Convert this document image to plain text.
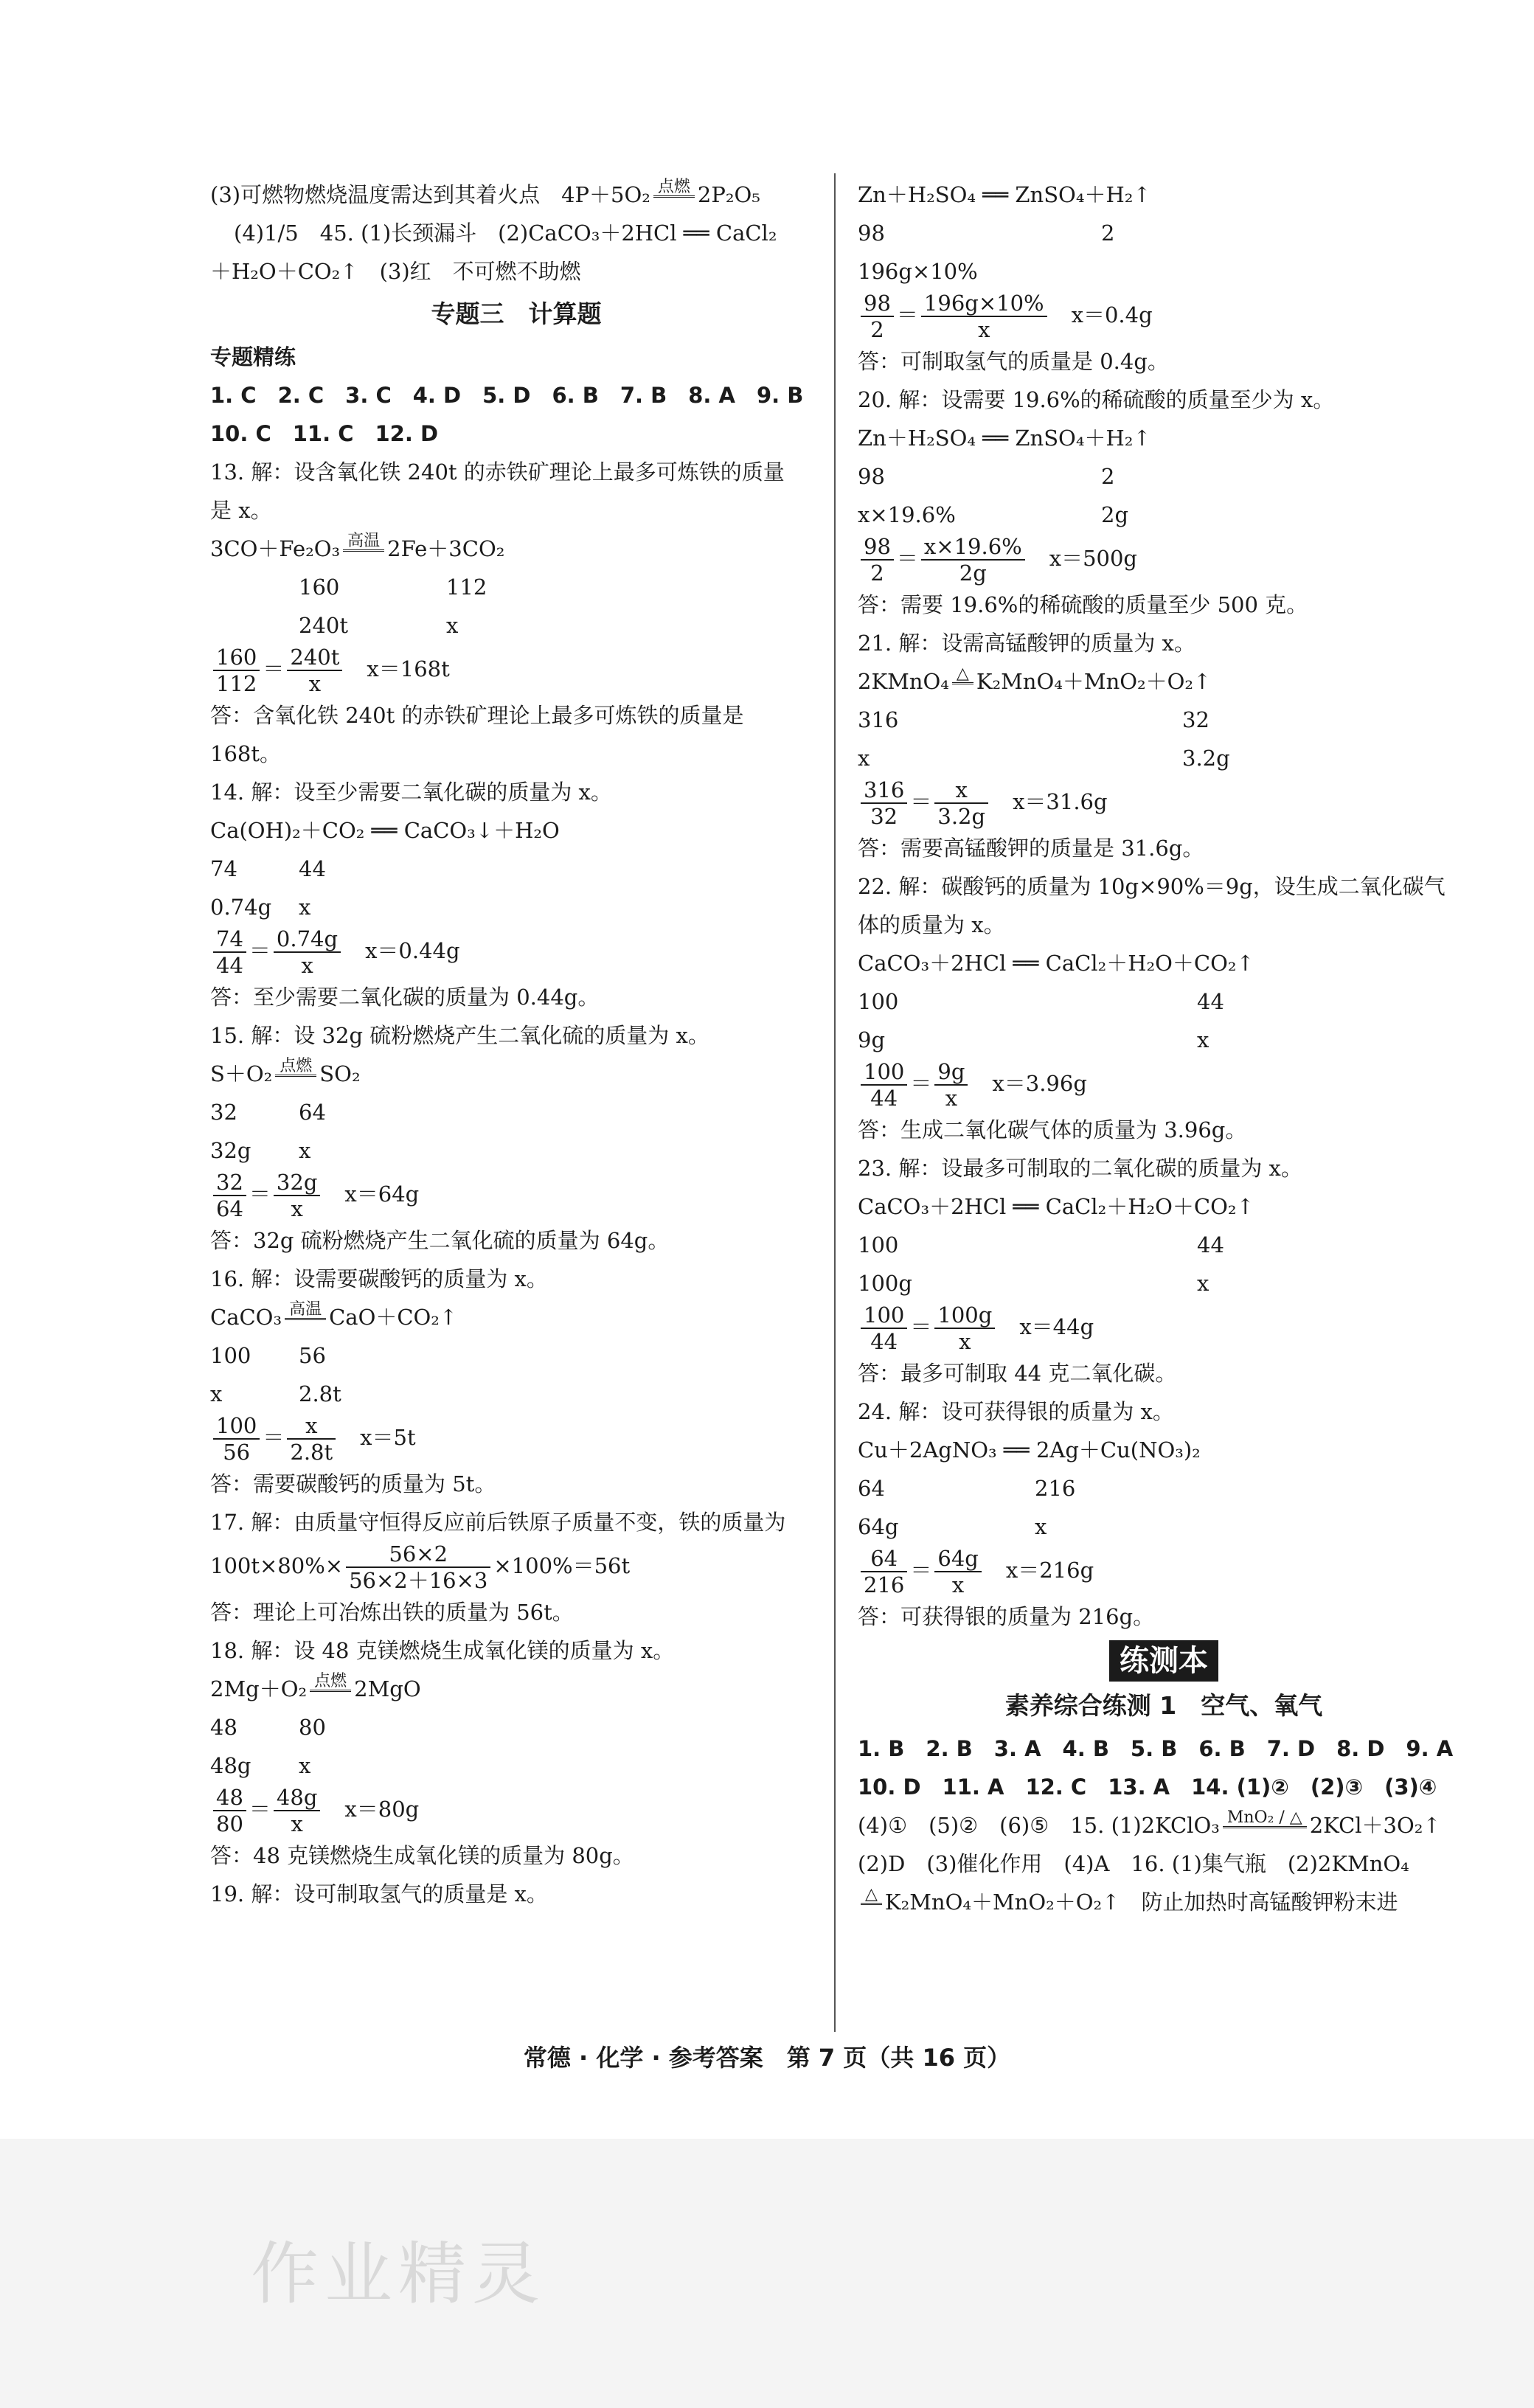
(3)可燃物燃烧温度需达到其着火点　4P＋5O₂ 点燃
2P₂O₅

(4)1/5　45. (1)长颈漏斗　(2)CaCO₃＋2HCl ══ CaCl₂

＋H₂O＋CO₂↑　(3)红　不可燃不助燃

专题三　计算题

专题精练

1. C　2. C　3. C　4. D　5. D　6. B　7. B　8. A　9. B

10. C　11. C　12. D

13. 解：设含氧化铁 240t 的赤铁矿理论上最多可炼铁的质量

是 x。

3CO＋Fe₂O₃ 高温
2Fe＋3CO₂

160	112

240t	x

$\frac{160}{112} = \frac{240t}{x}$
　 x＝168t

答：含氧化铁 240t 的赤铁矿理论上最多可炼铁的质量是

168t。

14. 解：设至少需要二氧化碳的质量为 x。

Ca(OH)₂＋CO₂ ══ CaCO₃↓＋H₂O

74	44

0.74g	x

$\frac{74}{44} = \frac{0.74g}{x}$
　 x＝0.44g

答：至少需要二氧化碳的质量为 0.44g。

15. 解：设 32g 硫粉燃烧产生二氧化硫的质量为 x。

S＋O₂ 点燃
SO₂

32	64

32g	x

$\frac{32}{64} = \frac{32g}{x}$
　 x＝64g

答：32g 硫粉燃烧产生二氧化硫的质量为 64g。

16. 解：设需要碳酸钙的质量为 x。

CaCO₃ 高温
CaO＋CO₂↑

100	56

x	2.8t

$\frac{100}{56} = \frac{x}{2.8t}$
　 x＝5t

答：需要碳酸钙的质量为 5t。

17. 解：由质量守恒得反应前后铁原子质量不变，铁的质量为

$100t\times 80\%\times \frac{56\times 2}{56\times 2+16\times 3} \times 100\%=56t$

答：理论上可冶炼出铁的质量为 56t。

18. 解：设 48 克镁燃烧生成氧化镁的质量为 x。

2Mg＋O₂ 点燃
2MgO

48	80

48g	x

$\frac{48}{80} = \frac{48g}{x}$
　 x＝80g

答：48 克镁燃烧生成氧化镁的质量为 80g。

19. 解：设可制取氢气的质量是 x。

Zn＋H₂SO₄ ══ ZnSO₄＋H₂↑

98	2

196g×10%

$\frac{98}{2} = \frac{196g\times 10\%}{x}$
　 x＝0.4g

答：可制取氢气的质量是 0.4g。

20. 解：设需要 19.6%的稀硫酸的质量至少为 x。

Zn＋H₂SO₄ ══ ZnSO₄＋H₂↑

98	2

x×19.6%	2g

$\frac{98}{2} = \frac{x\times 19.6\%}{2g}$
　 x＝500g

答：需要 19.6%的稀硫酸的质量至少 500 克。

21. 解：设需高锰酸钾的质量为 x。

2KMnO₄ △
K₂MnO₄＋MnO₂＋O₂↑

316	32

x	3.2g

$\frac{316}{32} = \frac{x}{3.2g}$
　 x＝31.6g

答：需要高锰酸钾的质量是 31.6g。

22. 解：碳酸钙的质量为 10g×90%＝9g，设生成二氧化碳气

体的质量为 x。

CaCO₃＋2HCl ══ CaCl₂＋H₂O＋CO₂↑

100	44

9g	x

$\frac{100}{44} = \frac{9g}{x}$
　 x＝3.96g

答：生成二氧化碳气体的质量为 3.96g。

23. 解：设最多可制取的二氧化碳的质量为 x。

CaCO₃＋2HCl ══ CaCl₂＋H₂O＋CO₂↑

100	44

100g	x

$\frac{100}{44} = \frac{100g}{x}$
　 x＝44g

答：最多可制取 44 克二氧化碳。

24. 解：设可获得银的质量为 x。

Cu＋2AgNO₃ ══ 2Ag＋Cu(NO₃)₂

64	216

64g	x

$\frac{64}{216} = \frac{64g}{x}$
　 x＝216g

答：可获得银的质量为 216g。

练测本

素养综合练测 1　空气、氧气

1. B　2. B　3. A　4. B　5. B　6. B　7. D　8. D　9. A

10. D　11. A　12. C　13. A　14. (1)②　(2)③　(3)④

(4)①　(5)②　(6)⑤　15. (1)2KClO₃ MnO₂ / △
2KCl＋3O₂↑

(2)D　(3)催化作用　(4)A　16. (1)集气瓶　(2)2KMnO₄

△
K₂MnO₄＋MnO₂＋O₂↑　防止加热时高锰酸钾粉末进

常德 · 化学 · 参考答案　第 7 页（共 16 页）
作业精灵
